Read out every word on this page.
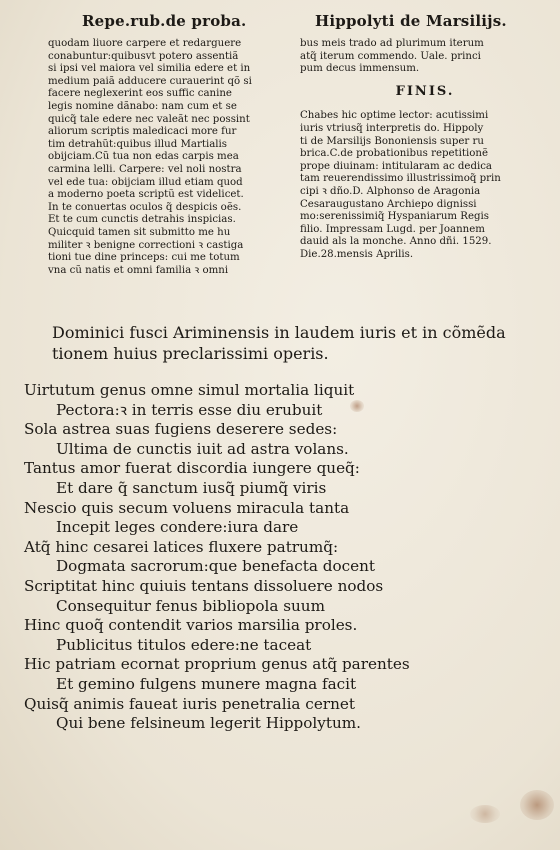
Repe.rub.de proba.	Hippolyti de Marsilijs.
quodam liuore carpere et redarguere
conabuntur:quibusvt potero assentiã
si ipsi vel maiora vel similia edere et in
medium paiã adducere curauerint qõ si
facere neglexerint eos suffic canine
legis nomine dãnabo: nam cum et se
quicq̃ tale edere nec valeãt nec possint
aliorum scriptis maledicaci more fur
tim detrahũt:quibus illud Martialis
obijciam.Cũ tua non edas carpis mea
carmina lelli. Carpere: vel noli nostra
vel ede tua: obijciam illud etiam quod
a moderno poeta scriptũ est videlicet.
In te conuertas oculos q̃ despicis oẽs.
Et te cum cunctis detrahis inspicias.
Quicquid tamen sit submitto me hu
militer ꝛ benigne correctioni ꝛ castiga
tioni tue dine princeps: cui me totum
vna cũ natis et omni familia ꝛ omni
bus meis trado ad plurimum iterum
atq̃ iterum commendo. Uale. princi
pum decus immensum.
FINIS.
Chabes hic optime lector: acutissimi
iuris vtriusq̃ interpretis do. Hippoly
ti de Marsilijs Bononiensis super ru
brica.C.de probationibus repetitionẽ
prope diuinam: intitularam ac dedica
tam reuerendissimo illustrissimoq̃ prin
cipi ꝛ dño.D. Alphonso de Aragonia
Cesaraugustano Archiepo dignissi
mo:serenissimiq̃ Hyspaniarum Regis
filio. Impressam Lugd. per Joannem
dauid als la monche. Anno dñi. 1529.
Die.28.mensis Aprilis.
Dominici fusci Ariminensis in laudem iuris et in cõmẽda
tionem huius preclarissimi operis.
Uirtutum genus omne simul mortalia liquit
Pectora:ꝛ in terris esse diu erubuit
Sola astrea suas fugiens deserere sedes:
Ultima de cunctis iuit ad astra volans.
Tantus amor fuerat discordia iungere queq̃:
Et dare q̃ sanctum iusq̃ piumq̃ viris
Nescio quis secum voluens miracula tanta
Incepit leges condere:iura dare
Atq̃ hinc cesarei latices fluxere patrumq̃:
Dogmata sacrorum:que benefacta docent
Scriptitat hinc quiuis tentans dissoluere nodos
Consequitur fenus bibliopola suum
Hinc quoq̃ contendit varios marsilia proles.
Publicitus titulos edere:ne taceat
Hic patriam ecornat proprium genus atq̃ parentes
Et gemino fulgens munere magna facit
Quisq̃ animis faueat iuris penetralia cernet
Qui bene felsineum legerit Hippolytum.
